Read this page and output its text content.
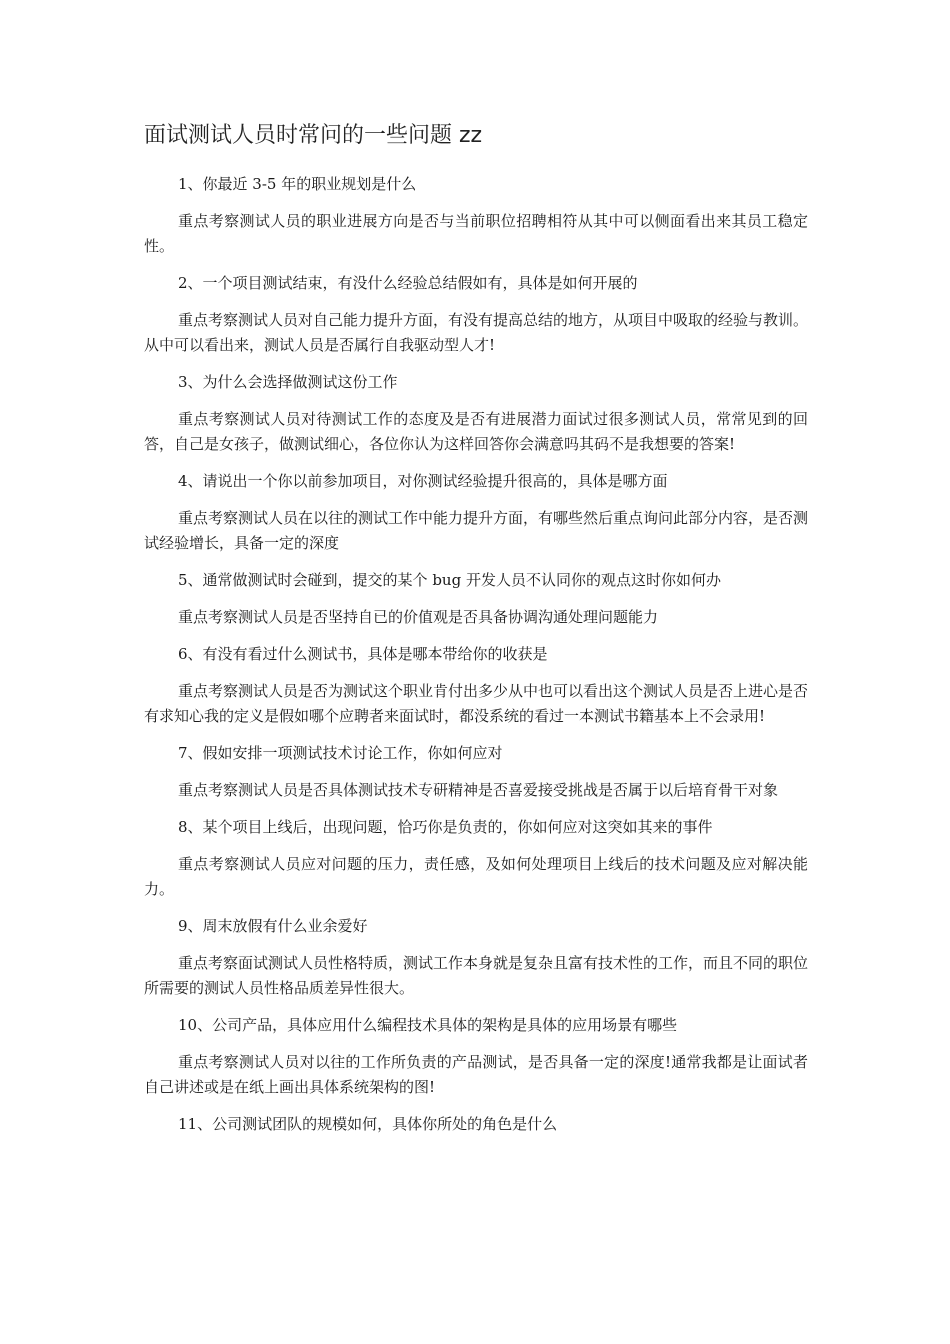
面试测试人员时常问的一些问题 zz

1、你最近 3-5 年的职业规划是什么

重点考察测试人员的职业进展方向是否与当前职位招聘相符从其中可以侧面看出来其员工稳定性。

2、一个项目测试结束，有没什么经验总结假如有，具体是如何开展的

重点考察测试人员对自己能力提升方面，有没有提高总结的地方，从项目中吸取的经验与教训。从中可以看出来，测试人员是否属行自我驱动型人才!

3、为什么会选择做测试这份工作

重点考察测试人员对待测试工作的态度及是否有进展潜力面试过很多测试人员，常常见到的回答，自己是女孩子，做测试细心，各位你认为这样回答你会满意吗其码不是我想要的答案!

4、请说出一个你以前参加项目，对你测试经验提升很高的，具体是哪方面

重点考察测试人员在以往的测试工作中能力提升方面，有哪些然后重点询问此部分内容，是否测试经验增长，具备一定的深度

5、通常做测试时会碰到，提交的某个 bug 开发人员不认同你的观点这时你如何办

重点考察测试人员是否坚持自已的价值观是否具备协调沟通处理问题能力

6、有没有看过什么测试书，具体是哪本带给你的收获是

重点考察测试人员是否为测试这个职业肯付出多少从中也可以看出这个测试人员是否上进心是否有求知心我的定义是假如哪个应聘者来面试时，都没系统的看过一本测试书籍基本上不会录用!

7、假如安排一项测试技术讨论工作，你如何应对

重点考察测试人员是否具体测试技术专研精神是否喜爱接受挑战是否属于以后培育骨干对象

8、某个项目上线后，出现问题，恰巧你是负责的，你如何应对这突如其来的事件

重点考察测试人员应对问题的压力，责任感，及如何处理项目上线后的技术问题及应对解决能力。

9、周末放假有什么业余爱好

重点考察面试测试人员性格特质，测试工作本身就是复杂且富有技术性的工作，而且不同的职位所需要的测试人员性格品质差异性很大。

10、公司产品，具体应用什么编程技术具体的架构是具体的应用场景有哪些

重点考察测试人员对以往的工作所负责的产品测试，是否具备一定的深度!通常我都是让面试者自己讲述或是在纸上画出具体系统架构的图!

11、公司测试团队的规模如何，具体你所处的角色是什么
